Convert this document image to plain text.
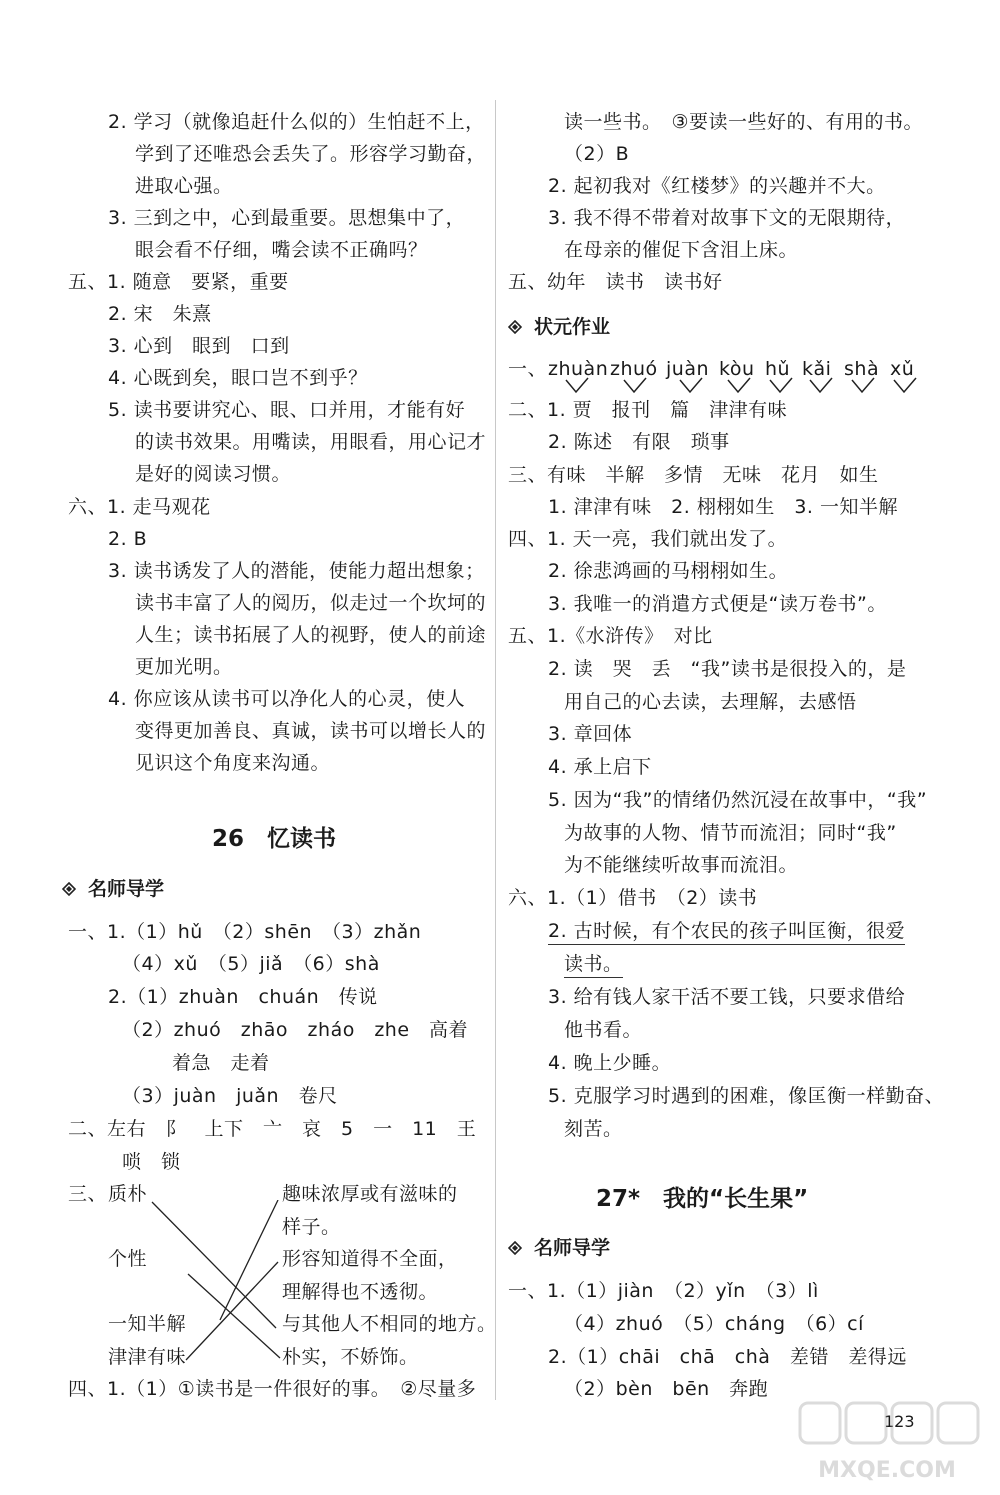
2. 学习（就像追赶什么似的）生怕赶不上，
学到了还唯恐会丢失了。形容学习勤奋，
进取心强。
3. 三到之中，心到最重要。思想集中了，
眼会看不仔细，嘴会读不正确吗？
五、1. 随意　要紧，重要
2. 宋　朱熹
3. 心到　眼到　口到
4. 心既到矣，眼口岂不到乎？
5. 读书要讲究心、眼、口并用，才能有好
的读书效果。用嘴读，用眼看，用心记才
是好的阅读习惯。
六、1. 走马观花
2. B
3. 读书诱发了人的潜能，使能力超出想象；
读书丰富了人的阅历，似走过一个坎坷的
人生；读书拓展了人的视野，使人的前途
更加光明。
4. 你应该从读书可以净化人的心灵，使人
变得更加善良、真诚，读书可以增长人的
见识这个角度来沟通。
26　忆读书
名师导学
一、1.（1）hǔ　（2）shēn　（3）zhǎn
（4）xǔ　（5）jiǎ　（6）shà
2.（1）zhuàn　chuán　传说
（2）zhuó　zhāo　zháo　zhe　高着
着急　走着
（3）juàn　juǎn　卷尺
二、左右　⻖　上下　亠　哀　5　一　11　王
唢　锁
三、 质朴
个性
一知半解
津津有味
趣味浓厚或有滋味的
样子。
形容知道得不全面，
理解得也不透彻。
与其他人不相同的地方。
朴实，不娇饰。
四、1.（1）①读书是一件很好的事。　②尽量多
读一些书。　③要读一些好的、有用的书。
（2）B
2. 起初我对《红楼梦》的兴趣并不大。
3. 我不得不带着对故事下文的无限期待，
在母亲的催促下含泪上床。
五、幼年　读书　读书好
状元作业
一、 zhuàn zhuó juàn kòu hǔ kǎi shà xǔ
二、1. 贾　报刊　篇　津津有味
2. 陈述　有限　琐事
三、有味　半解　多情　无味　花月　如生
1. 津津有味　2. 栩栩如生　3. 一知半解
四、1. 天一亮，我们就出发了。
2. 徐悲鸿画的马栩栩如生。
3. 我唯一的消遣方式便是“读万卷书”。
五、1.《水浒传》　对比
2. 读　哭　丢　“我”读书是很投入的，是
用自己的心去读，去理解，去感悟
3. 章回体
4. 承上启下
5. 因为“我”的情绪仍然沉浸在故事中，“我”
为故事的人物、情节而流泪；同时“我”
为不能继续听故事而流泪。
六、1.（1）借书　（2）读书
2. 古时候，有个农民的孩子叫匡衡，很爱
读书。
3. 给有钱人家干活不要工钱，只要求借给
他书看。
4. 晚上少睡。
5. 克服学习时遇到的困难，像匡衡一样勤奋、
刻苦。
27*　我的“长生果”
名师导学
一、1.（1）jiàn　（2）yǐn　（3）lì
（4）zhuó　（5）cháng　（6）cí
2.（1）chāi　chā　chà　差错　差得远
（2）bèn　bēn　奔跑
123
MXQE.COM
